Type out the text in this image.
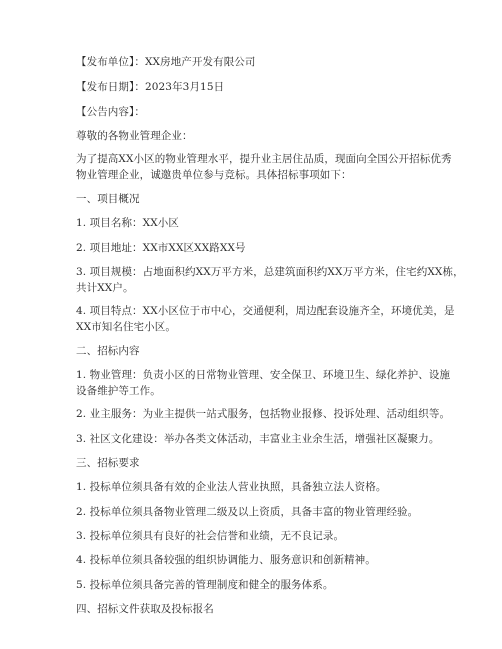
【发布单位】：XX房地产开发有限公司
【发布日期】：2023年3月15日
【公告内容】：
尊敬的各物业管理企业：
为了提高XX小区的物业管理水平，提升业主居住品质，现面向全国公开招标优秀
物业管理企业，诚邀贵单位参与竞标。具体招标事项如下：
一、项目概况
1. 项目名称：XX小区
2. 项目地址：XX市XX区XX路XX号
3. 项目规模：占地面积约XX万平方米，总建筑面积约XX万平方米，住宅约XX栋，
共计XX户。
4. 项目特点：XX小区位于市中心，交通便利，周边配套设施齐全，环境优美，是
XX市知名住宅小区。
二、招标内容
1. 物业管理：负责小区的日常物业管理、安全保卫、环境卫生、绿化养护、设施
设备维护等工作。
2. 业主服务：为业主提供一站式服务，包括物业报修、投诉处理、活动组织等。
3. 社区文化建设：举办各类文体活动，丰富业主业余生活，增强社区凝聚力。
三、招标要求
1. 投标单位须具备有效的企业法人营业执照，具备独立法人资格。
2. 投标单位须具备物业管理二级及以上资质，具备丰富的物业管理经验。
3. 投标单位须具有良好的社会信誉和业绩，无不良记录。
4. 投标单位须具备较强的组织协调能力、服务意识和创新精神。
5. 投标单位须具备完善的管理制度和健全的服务体系。
四、招标文件获取及投标报名
